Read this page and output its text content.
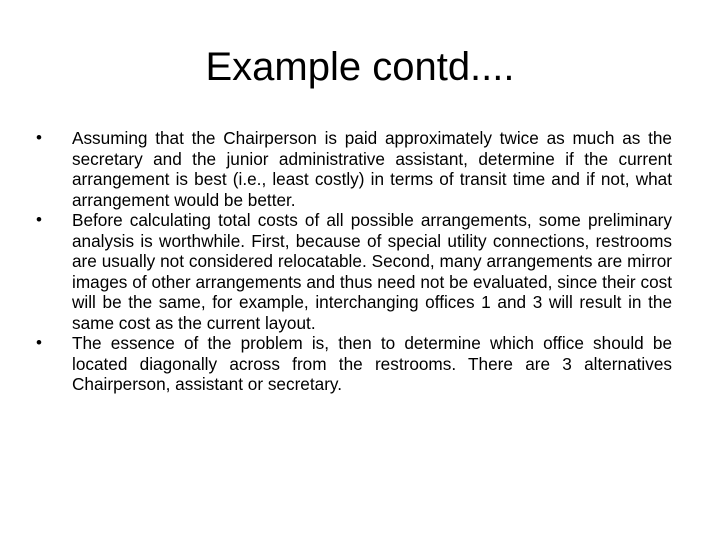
Example contd....
•	Assuming that the Chairperson is paid approximately twice as much as the secretary and the junior administrative assistant, determine if the current arrangement is best (i.e., least costly) in terms of transit time and if not, what arrangement would be better.
•	Before calculating total costs of all possible arrangements, some preliminary analysis is worthwhile. First, because of special utility connections, restrooms are usually not considered relocatable. Second, many arrangements are mirror images of other arrangements and thus need not be evaluated, since their cost will be the same, for example, interchanging offices 1 and 3 will result in the same cost as the current layout.
•	The essence of the problem is, then to determine which office should be located diagonally across from the restrooms. There are 3 alternatives Chairperson, assistant or secretary.
